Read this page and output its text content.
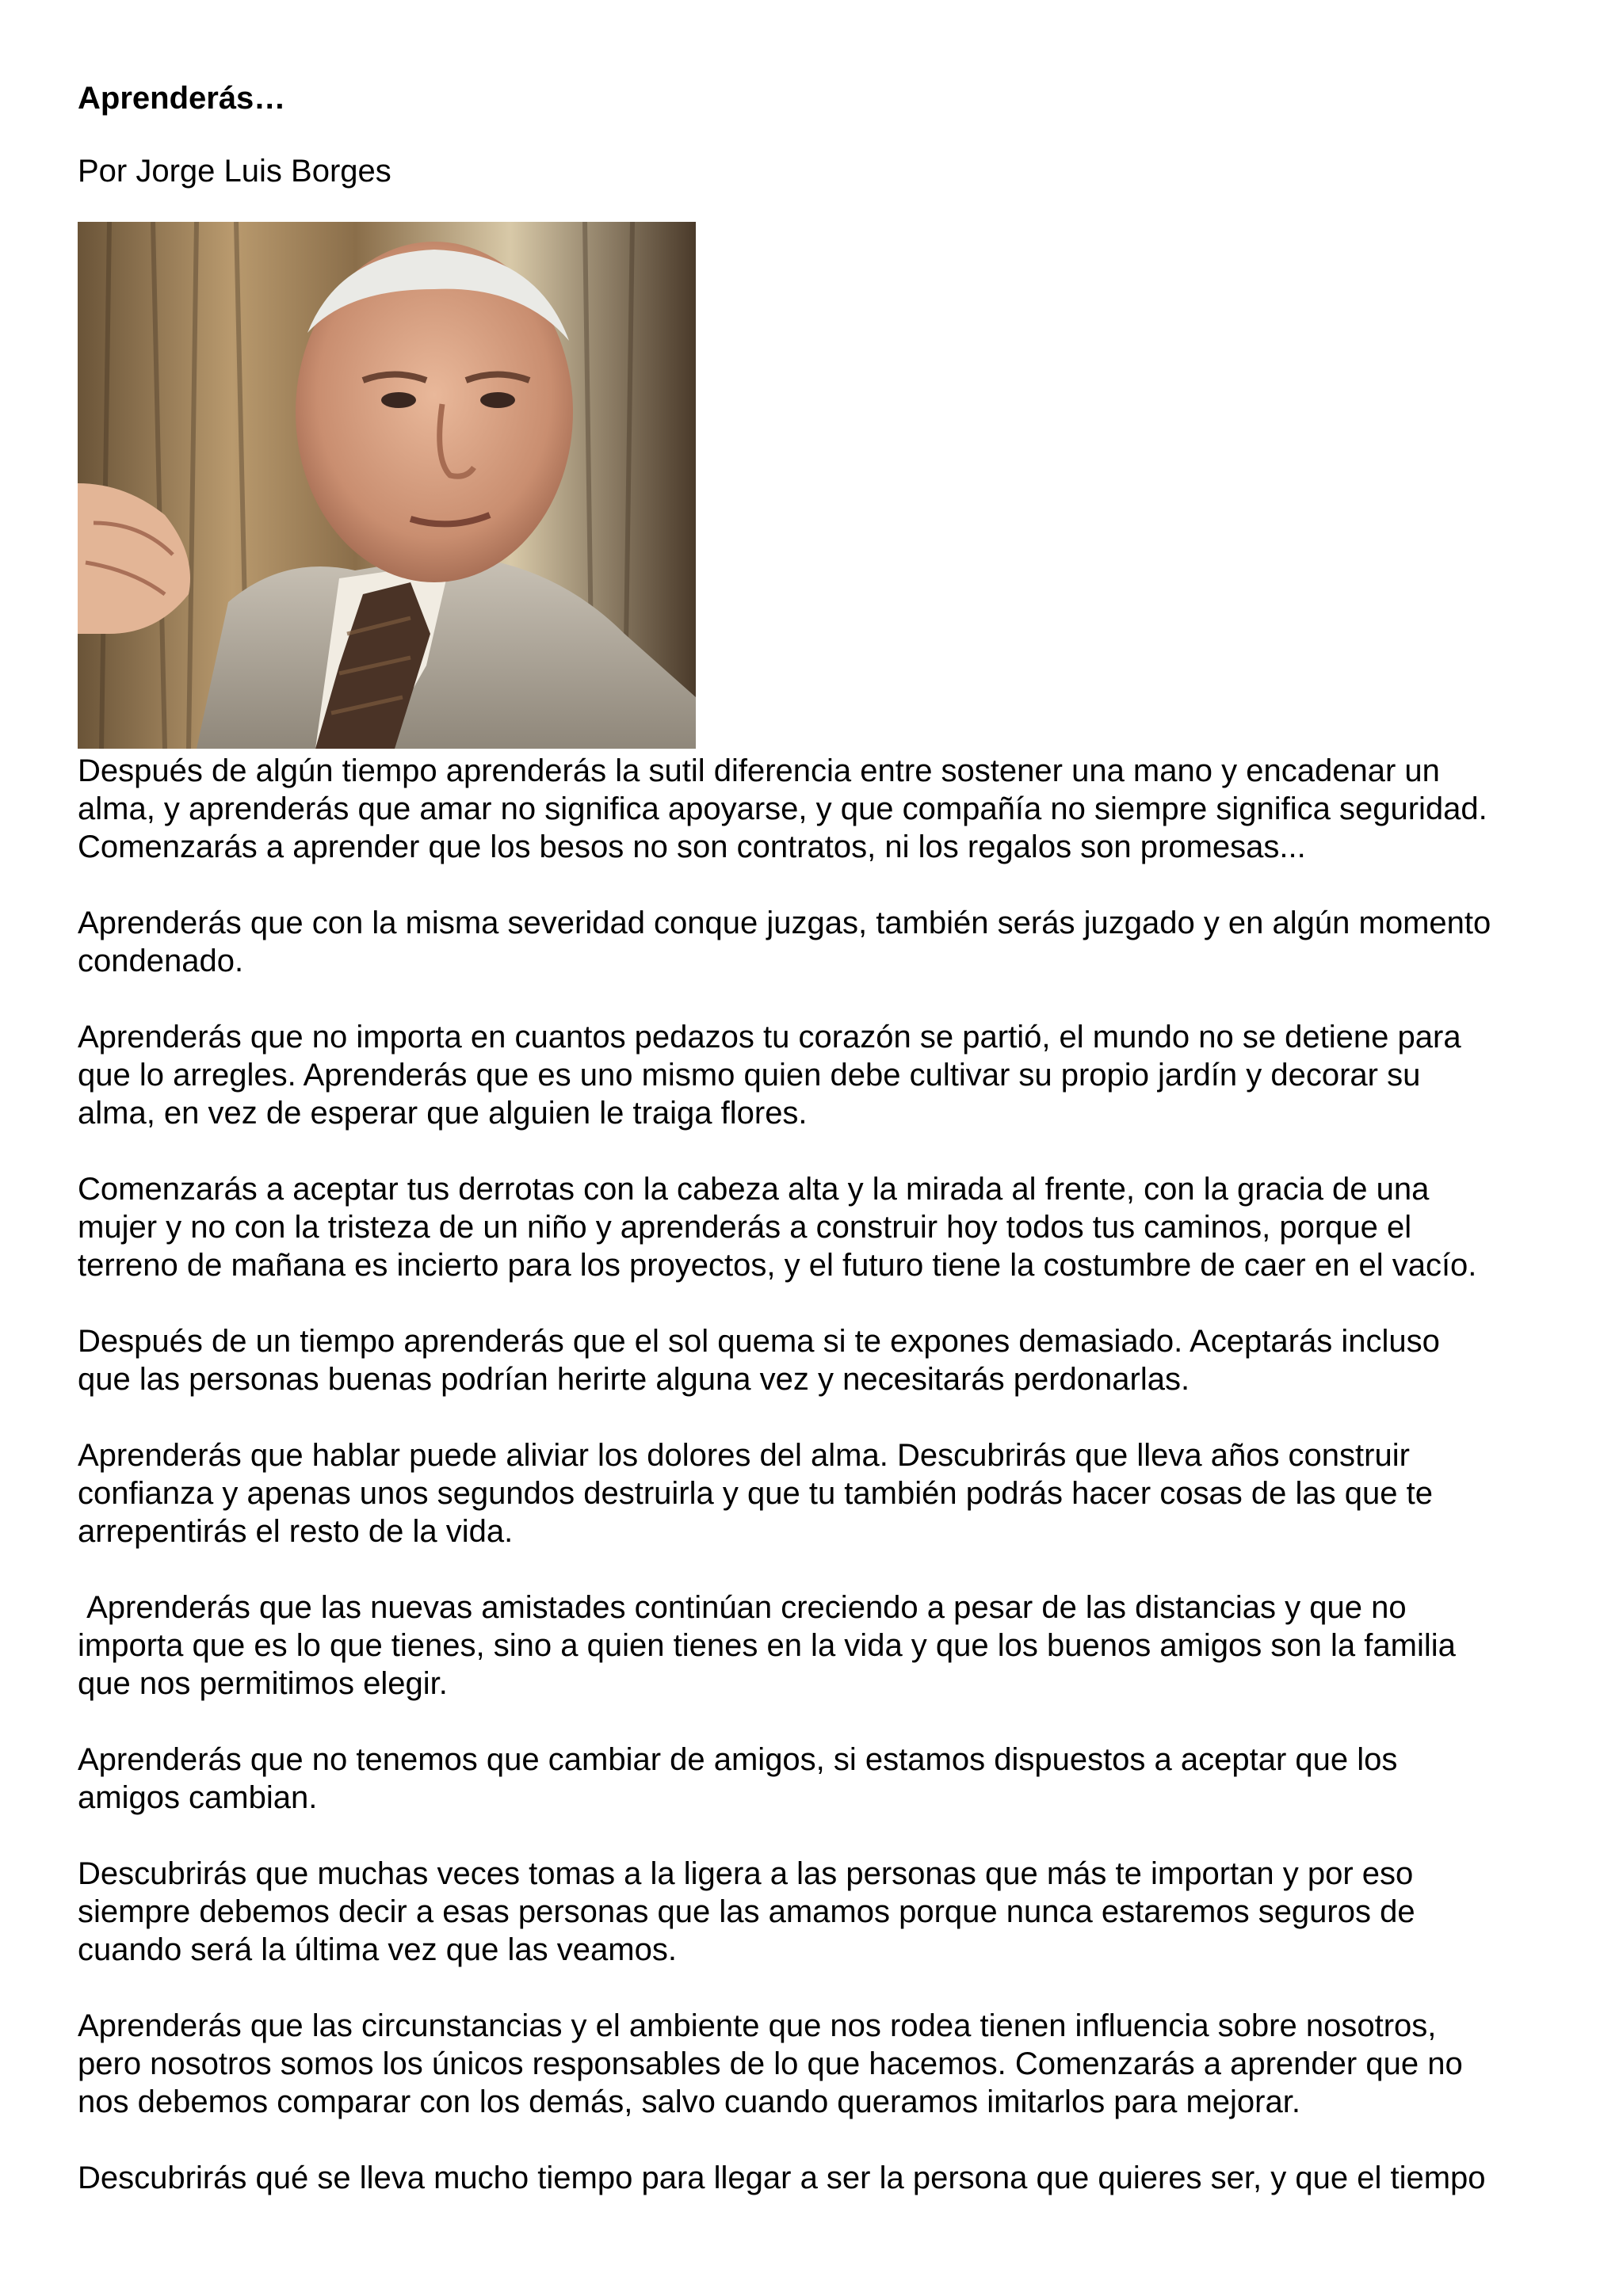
Aprenderás…
Por Jorge Luis Borges

Después de algún tiempo aprenderás la sutil diferencia entre sostener una mano y encadenar un
alma, y aprenderás que amar no significa apoyarse, y que compañía no siempre significa seguridad.
Comenzarás a aprender que los besos no son contratos, ni los regalos son promesas...

Aprenderás que con la misma severidad conque juzgas, también serás juzgado y en algún momento
condenado.

Aprenderás que no importa en cuantos pedazos tu corazón se partió, el mundo no se detiene para
que lo arregles. Aprenderás que es uno mismo quien debe cultivar su propio jardín y decorar su
alma, en vez de esperar que alguien le traiga flores.

Comenzarás a aceptar tus derrotas con la cabeza alta y la mirada al frente, con la gracia de una
mujer y no con la tristeza de un niño y aprenderás a construir hoy todos tus caminos, porque el
terreno de mañana es incierto para los proyectos, y el futuro tiene la costumbre de caer en el vacío.

Después de un tiempo aprenderás que el sol quema si te expones demasiado. Aceptarás incluso
que las personas buenas podrían herirte alguna vez y necesitarás perdonarlas.

Aprenderás que hablar puede aliviar los dolores del alma. Descubrirás que lleva años construir
confianza y apenas unos segundos destruirla y que tu también podrás hacer cosas de las que te
arrepentirás el resto de la vida.

Aprenderás que las nuevas amistades continúan creciendo a pesar de las distancias y que no
importa que es lo que tienes, sino a quien tienes en la vida y que los buenos amigos son la familia
que nos permitimos elegir.

Aprenderás que no tenemos que cambiar de amigos, si estamos dispuestos a aceptar que los
amigos cambian.

Descubrirás que muchas veces tomas a la ligera a las personas que más te importan y por eso
siempre debemos decir a esas personas que las amamos porque nunca estaremos seguros de
cuando será la última vez que las veamos.

Aprenderás que las circunstancias y el ambiente que nos rodea tienen influencia sobre nosotros,
pero nosotros somos los únicos responsables de lo que hacemos. Comenzarás a aprender que no
nos debemos comparar con los demás, salvo cuando queramos imitarlos para mejorar.

Descubrirás qué se lleva mucho tiempo para llegar a ser la persona que quieres ser, y que el tiempo
